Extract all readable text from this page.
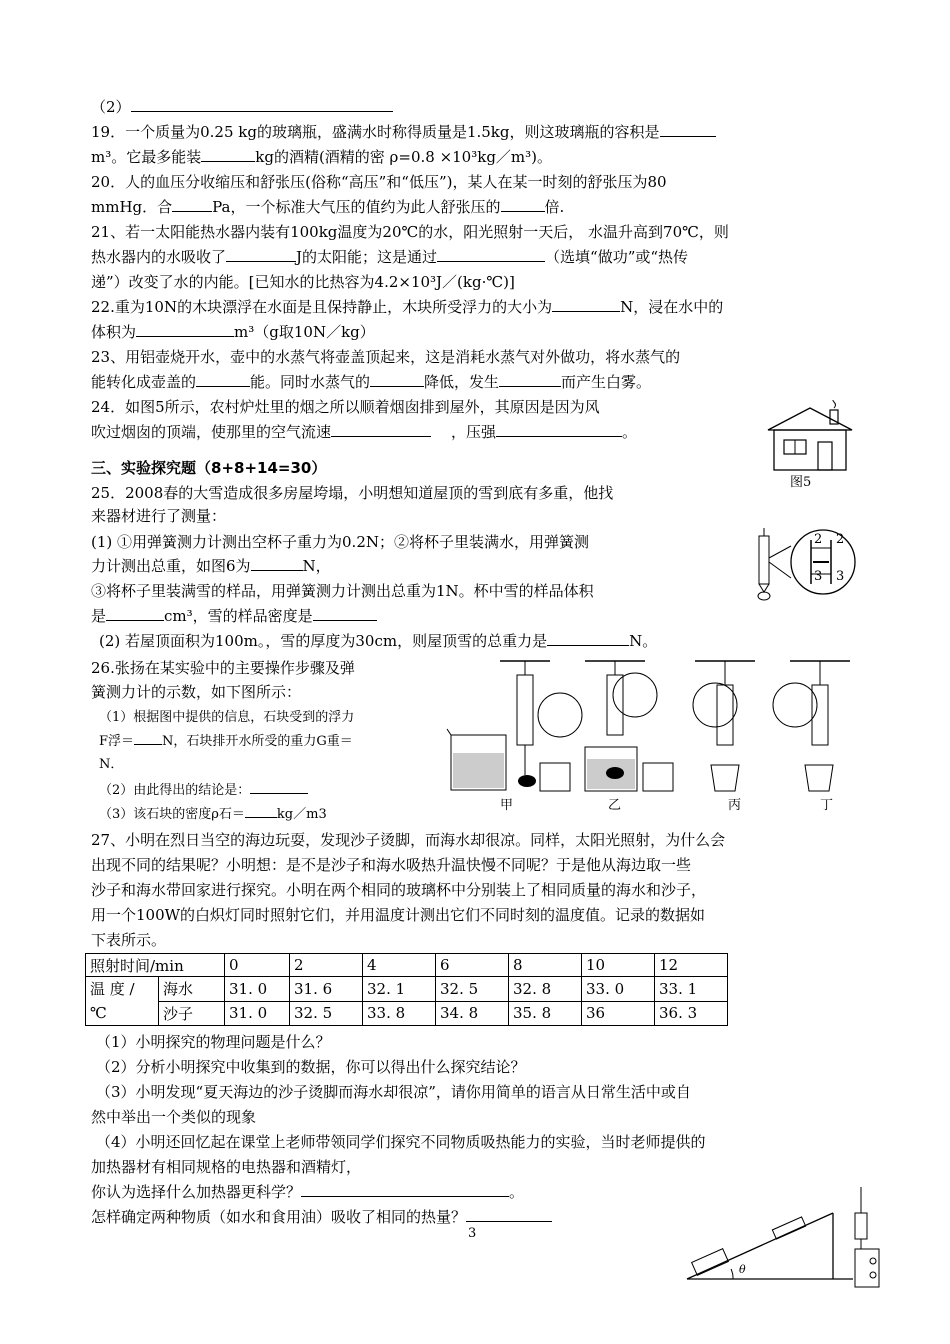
（2）
19．一个质量为0.25 kg的玻璃瓶，盛满水时称得质量是1.5kg，则这玻璃瓶的容积是
m³。它最多能装	kg的酒精(酒精的密 ρ=0.8 ×10³kg／m³)。
20．人的血压分收缩压和舒张压(俗称“高压”和“低压”)，某人在某一时刻的舒张压为80
mmHg．合	Pa，一个标准大气压的值约为此人舒张压的	倍.
21、若一太阳能热水器内装有100kg温度为20℃的水，阳光照射一天后， 水温升高到70℃，则
热水器内的水吸收了	J的太阳能；这是通过	（选填“做功”或“热传
递”）改变了水的内能。[已知水的比热容为4.2×10³J／(kg·℃)]
22.重为10N的木块漂浮在水面是且保持静止，木块所受浮力的大小为	N，浸在水中的
体积为	m³（g取10N／kg）
23、用铝壶烧开水，壶中的水蒸气将壶盖顶起来，这是消耗水蒸气对外做功，将水蒸气的
能转化成壶盖的	能。同时水蒸气的	降低，发生	而产生白雾。
24．如图5所示，农村炉灶里的烟之所以顺着烟囱排到屋外，其原因是因为风
吹过烟囱的顶端，使那里的空气流速	，压强	。
图5
三、实验探究题（8+8+14=30）
25．2008春的大雪造成很多房屋垮塌，小明想知道屋顶的雪到底有多重，他找
来器材进行了测量：
(1) ①用弹簧测力计测出空杯子重力为0.2N；②将杯子里装满水，用弹簧测
力计测出总重，如图6为	N，
③将杯子里装满雪的样品，用弹簧测力计测出总重为1N。杯中雪的样品体积
是	cm³，雪的样品密度是
(2) 若屋顶面积为100m。，雪的厚度为30cm，则屋顶雪的总重力是	N。
2 2
3 3
26.张扬在某实验中的主要操作步骤及弹
簧测力计的示数，如下图所示：
（1）根据图中提供的信息，石块受到的浮力
F浮＝ N，石块排开水所受的重力G重＝
N．
（2）由此得出的结论是：
（3）该石块的密度ρ石＝ kg／m3
甲	乙	丙	丁
27、小明在烈日当空的海边玩耍，发现沙子烫脚，而海水却很凉。同样，太阳光照射，为什么会
出现不同的结果呢？小明想：是不是沙子和海水吸热升温快慢不同呢？于是他从海边取一些
沙子和海水带回家进行探究。小明在两个相同的玻璃杯中分别装上了相同质量的海水和沙子，
用一个100W的白炽灯同时照射它们，并用温度计测出它们不同时刻的温度值。记录的数据如
下表所示。
照射时间/min		0	2	4	6	8	10	12
温 度 /
℃	海水	31. 0	31. 6	32. 1	32. 5	32. 8	33. 0	33. 1
	沙子	31. 0	32. 5	33. 8	34. 8	35. 8	36	36. 3
（1）小明探究的物理问题是什么？
（2）分析小明探究中收集到的数据，你可以得出什么探究结论？
（3）小明发现“夏天海边的沙子烫脚而海水却很凉”，请你用简单的语言从日常生活中或自
然中举出一个类似的现象
（4）小明还回忆起在课堂上老师带领同学们探究不同物质吸热能力的实验，当时老师提供的
加热器材有相同规格的电热器和酒精灯，
你认为选择什么加热器更科学？	。
怎样确定两种物质（如水和食用油）吸收了相同的热量？
θ
3
